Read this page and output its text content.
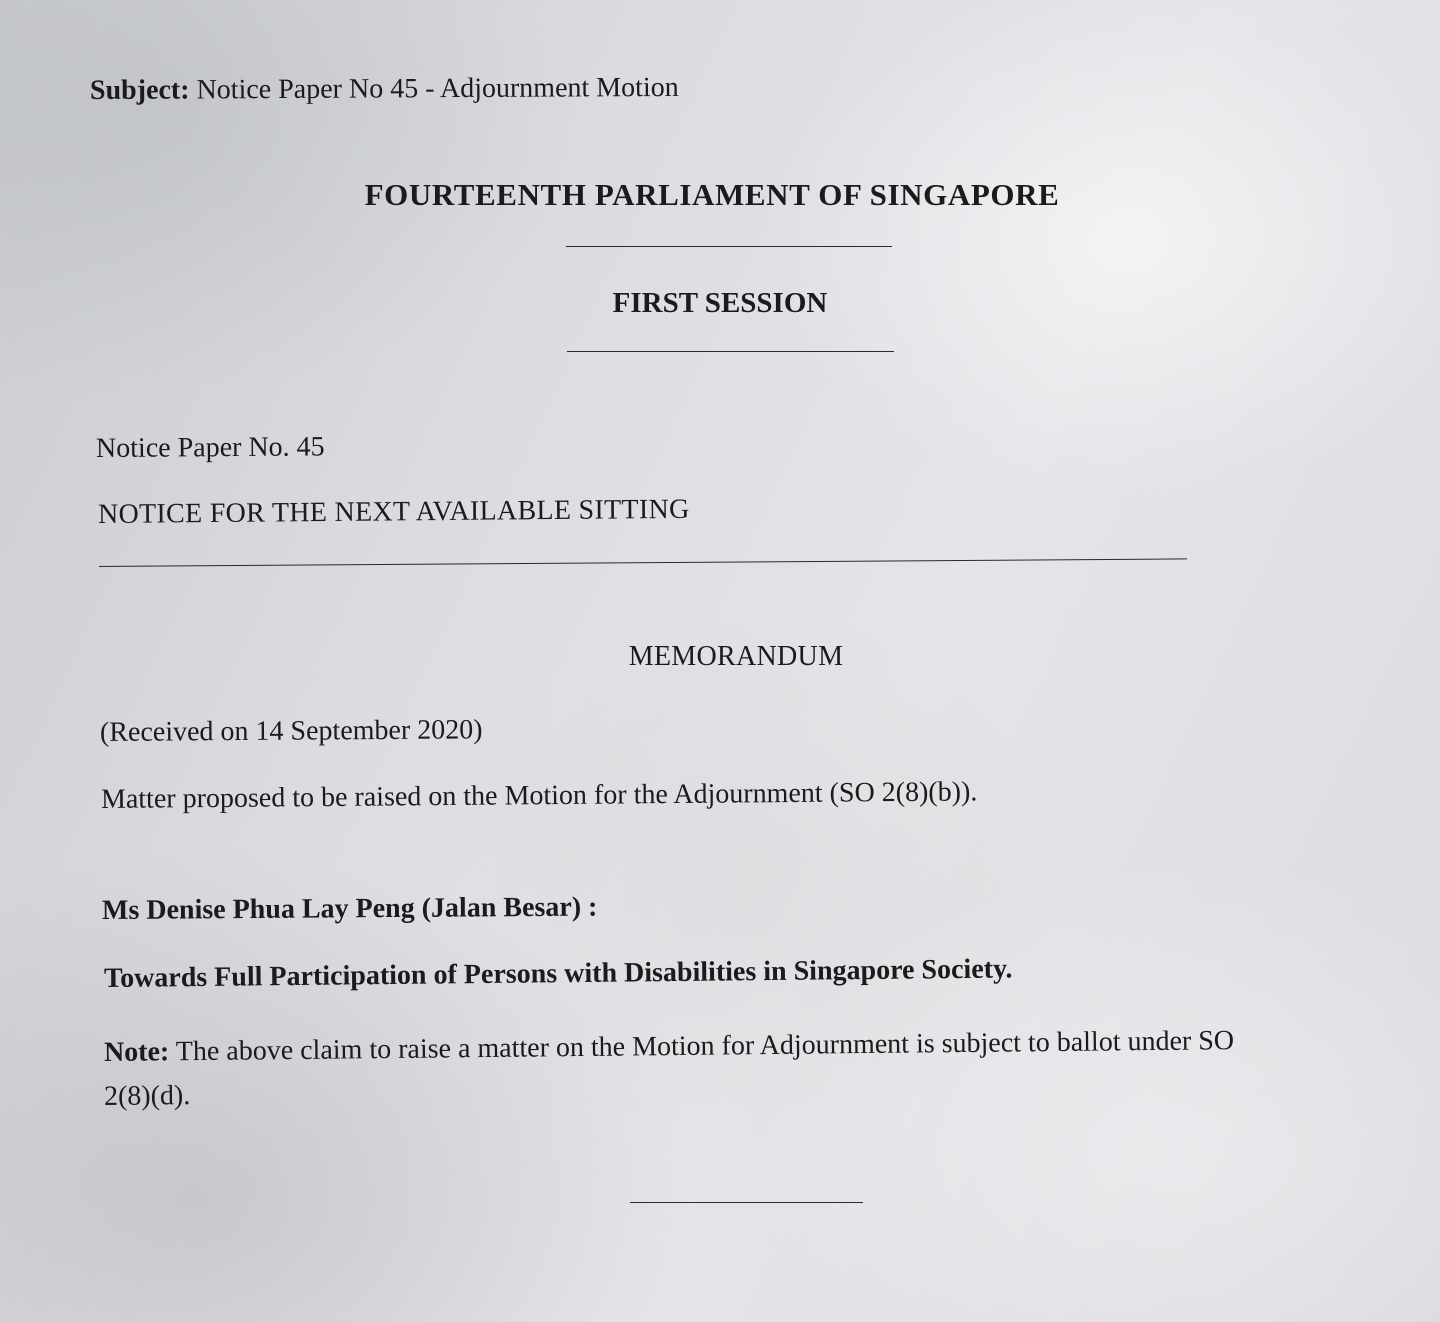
Subject: Notice Paper No 45 - Adjournment Motion
FOURTEENTH PARLIAMENT OF SINGAPORE
FIRST SESSION
Notice Paper No. 45
NOTICE FOR THE NEXT AVAILABLE SITTING
MEMORANDUM
(Received on 14 September 2020)
Matter proposed to be raised on the Motion for the Adjournment (SO 2(8)(b)).
Ms Denise Phua Lay Peng (Jalan Besar) :
Towards Full Participation of Persons with Disabilities in Singapore Society.
Note: The above claim to raise a matter on the Motion for Adjournment is subject to ballot under SO
2(8)(d).
